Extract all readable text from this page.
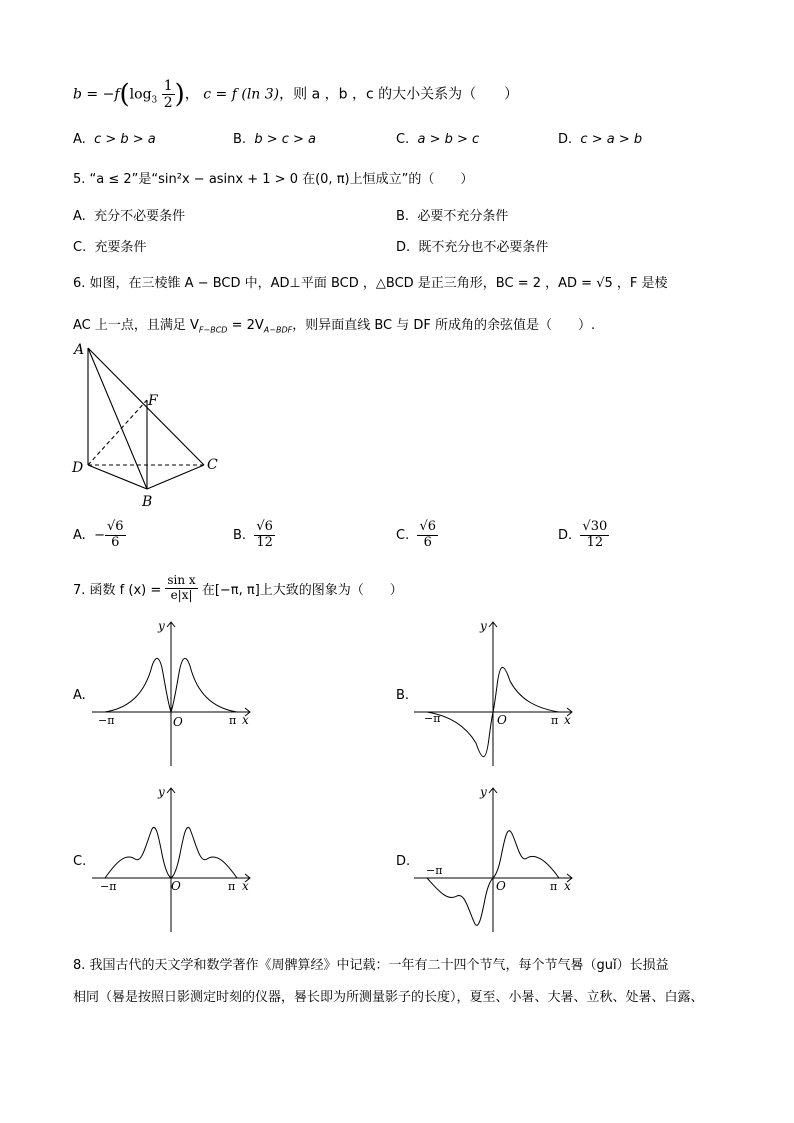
$b = -f(\log_3 \frac{1}{2}$ )， c = f (ln 3)，则 a ，b ，c 的大小关系为（　　）
A. c > b > a	B. b > c > a	C. a > b > c	D. c > a > b
5. “a ≤ 2”是“sin²x − asinx + 1 > 0 在(0, π)上恒成立”的（　　）
A. 充分不必要条件	B. 必要不充分条件
C. 充要条件	D. 既不充分也不必要条件
6. 如图，在三棱锥 A − BCD 中，AD⊥平面 BCD ，△BCD 是正三角形，BC = 2 ，AD = √5 ，F 是棱
AC 上一点，且满足 $V_{F-BCD} = 2V_{A-BDF}$，则异面直线 BC 与 DF 所成角的余弦值是（　　）.
A
D
B
C
F
A. − $\frac{√6}{6}$	B. $\frac{√6}{12}$	C. $\frac{√6}{6}$	D. $\frac{√30}{12}$
7. 函数 f $(x) = \frac{\text{sin x}}{e|x|}$ 在[−π, π]上大致的图象为（　　）
A.
y
x
O
−π	π
B.
y
x
O
−π	π
C.
y
x
O
−π	π
D.
y
x
O
−π
π
8. 我国古代的天文学和数学著作《周髀算经》中记载：一年有二十四个节气，每个节气晷（guǐ）长损益
相同（晷是按照日影测定时刻的仪器，晷长即为所测量影子的长度），夏至、小暑、大暑、立秋、处暑、白露、
